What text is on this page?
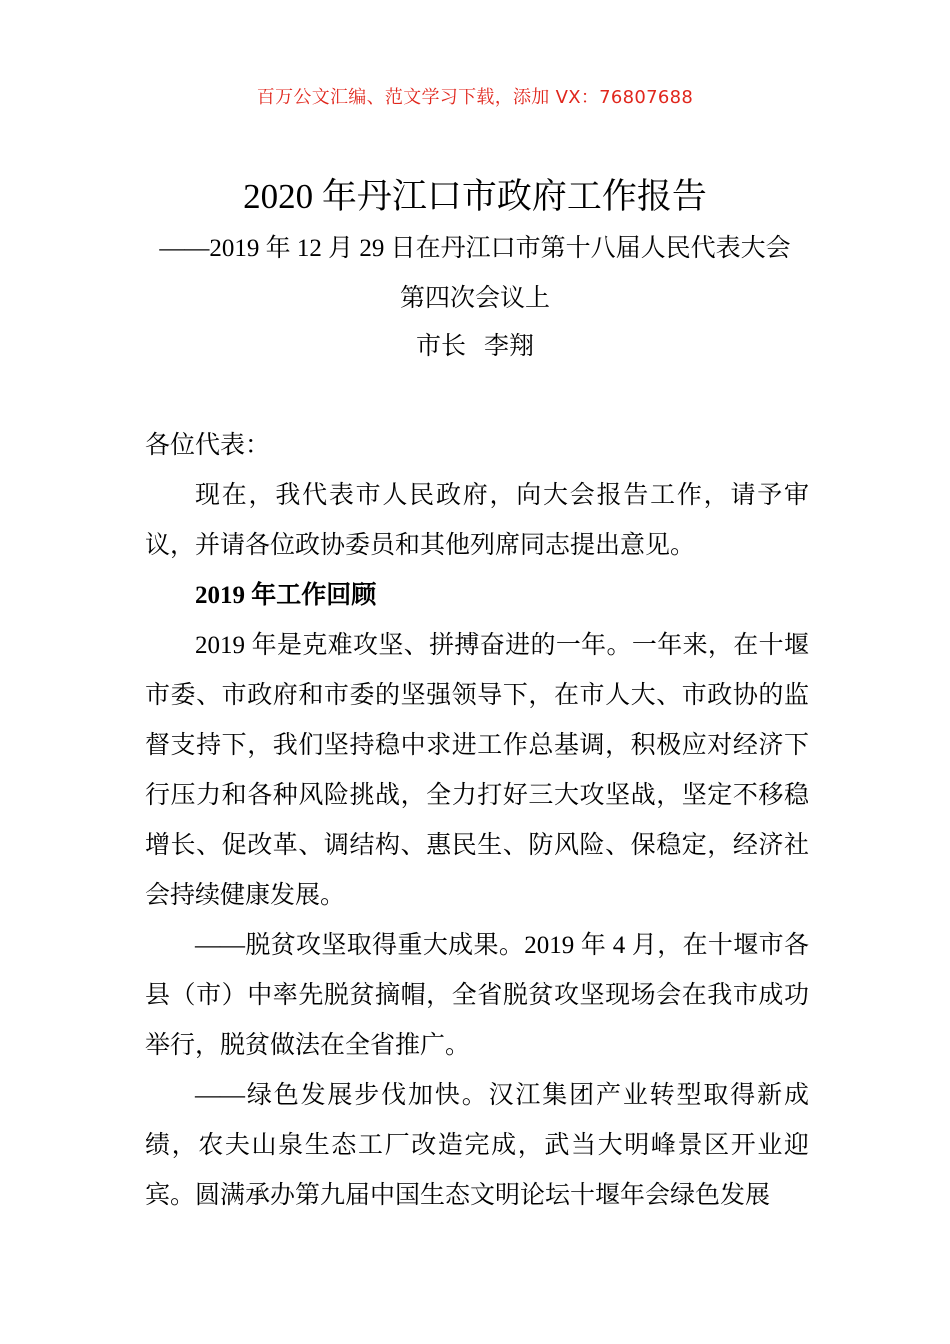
百万公文汇编、范文学习下载，添加 VX：76807688
2020 年丹江口市政府工作报告
——2019 年 12 月 29 日在丹江口市第十八届人民代表大会第四次会议上
市长 李翔

各位代表：

现在，我代表市人民政府，向大会报告工作，请予审议，并请各位政协委员和其他列席同志提出意见。

2019 年工作回顾

2019 年是克难攻坚、拼搏奋进的一年。一年来，在十堰市委、市政府和市委的坚强领导下，在市人大、市政协的监督支持下，我们坚持稳中求进工作总基调，积极应对经济下行压力和各种风险挑战，全力打好三大攻坚战，坚定不移稳增长、促改革、调结构、惠民生、防风险、保稳定，经济社会持续健康发展。

——脱贫攻坚取得重大成果。2019 年 4 月，在十堰市各县（市）中率先脱贫摘帽，全省脱贫攻坚现场会在我市成功举行，脱贫做法在全省推广。

——绿色发展步伐加快。汉江集团产业转型取得新成绩，农夫山泉生态工厂改造完成，武当大明峰景区开业迎宾。圆满承办第九届中国生态文明论坛十堰年会绿色发展
